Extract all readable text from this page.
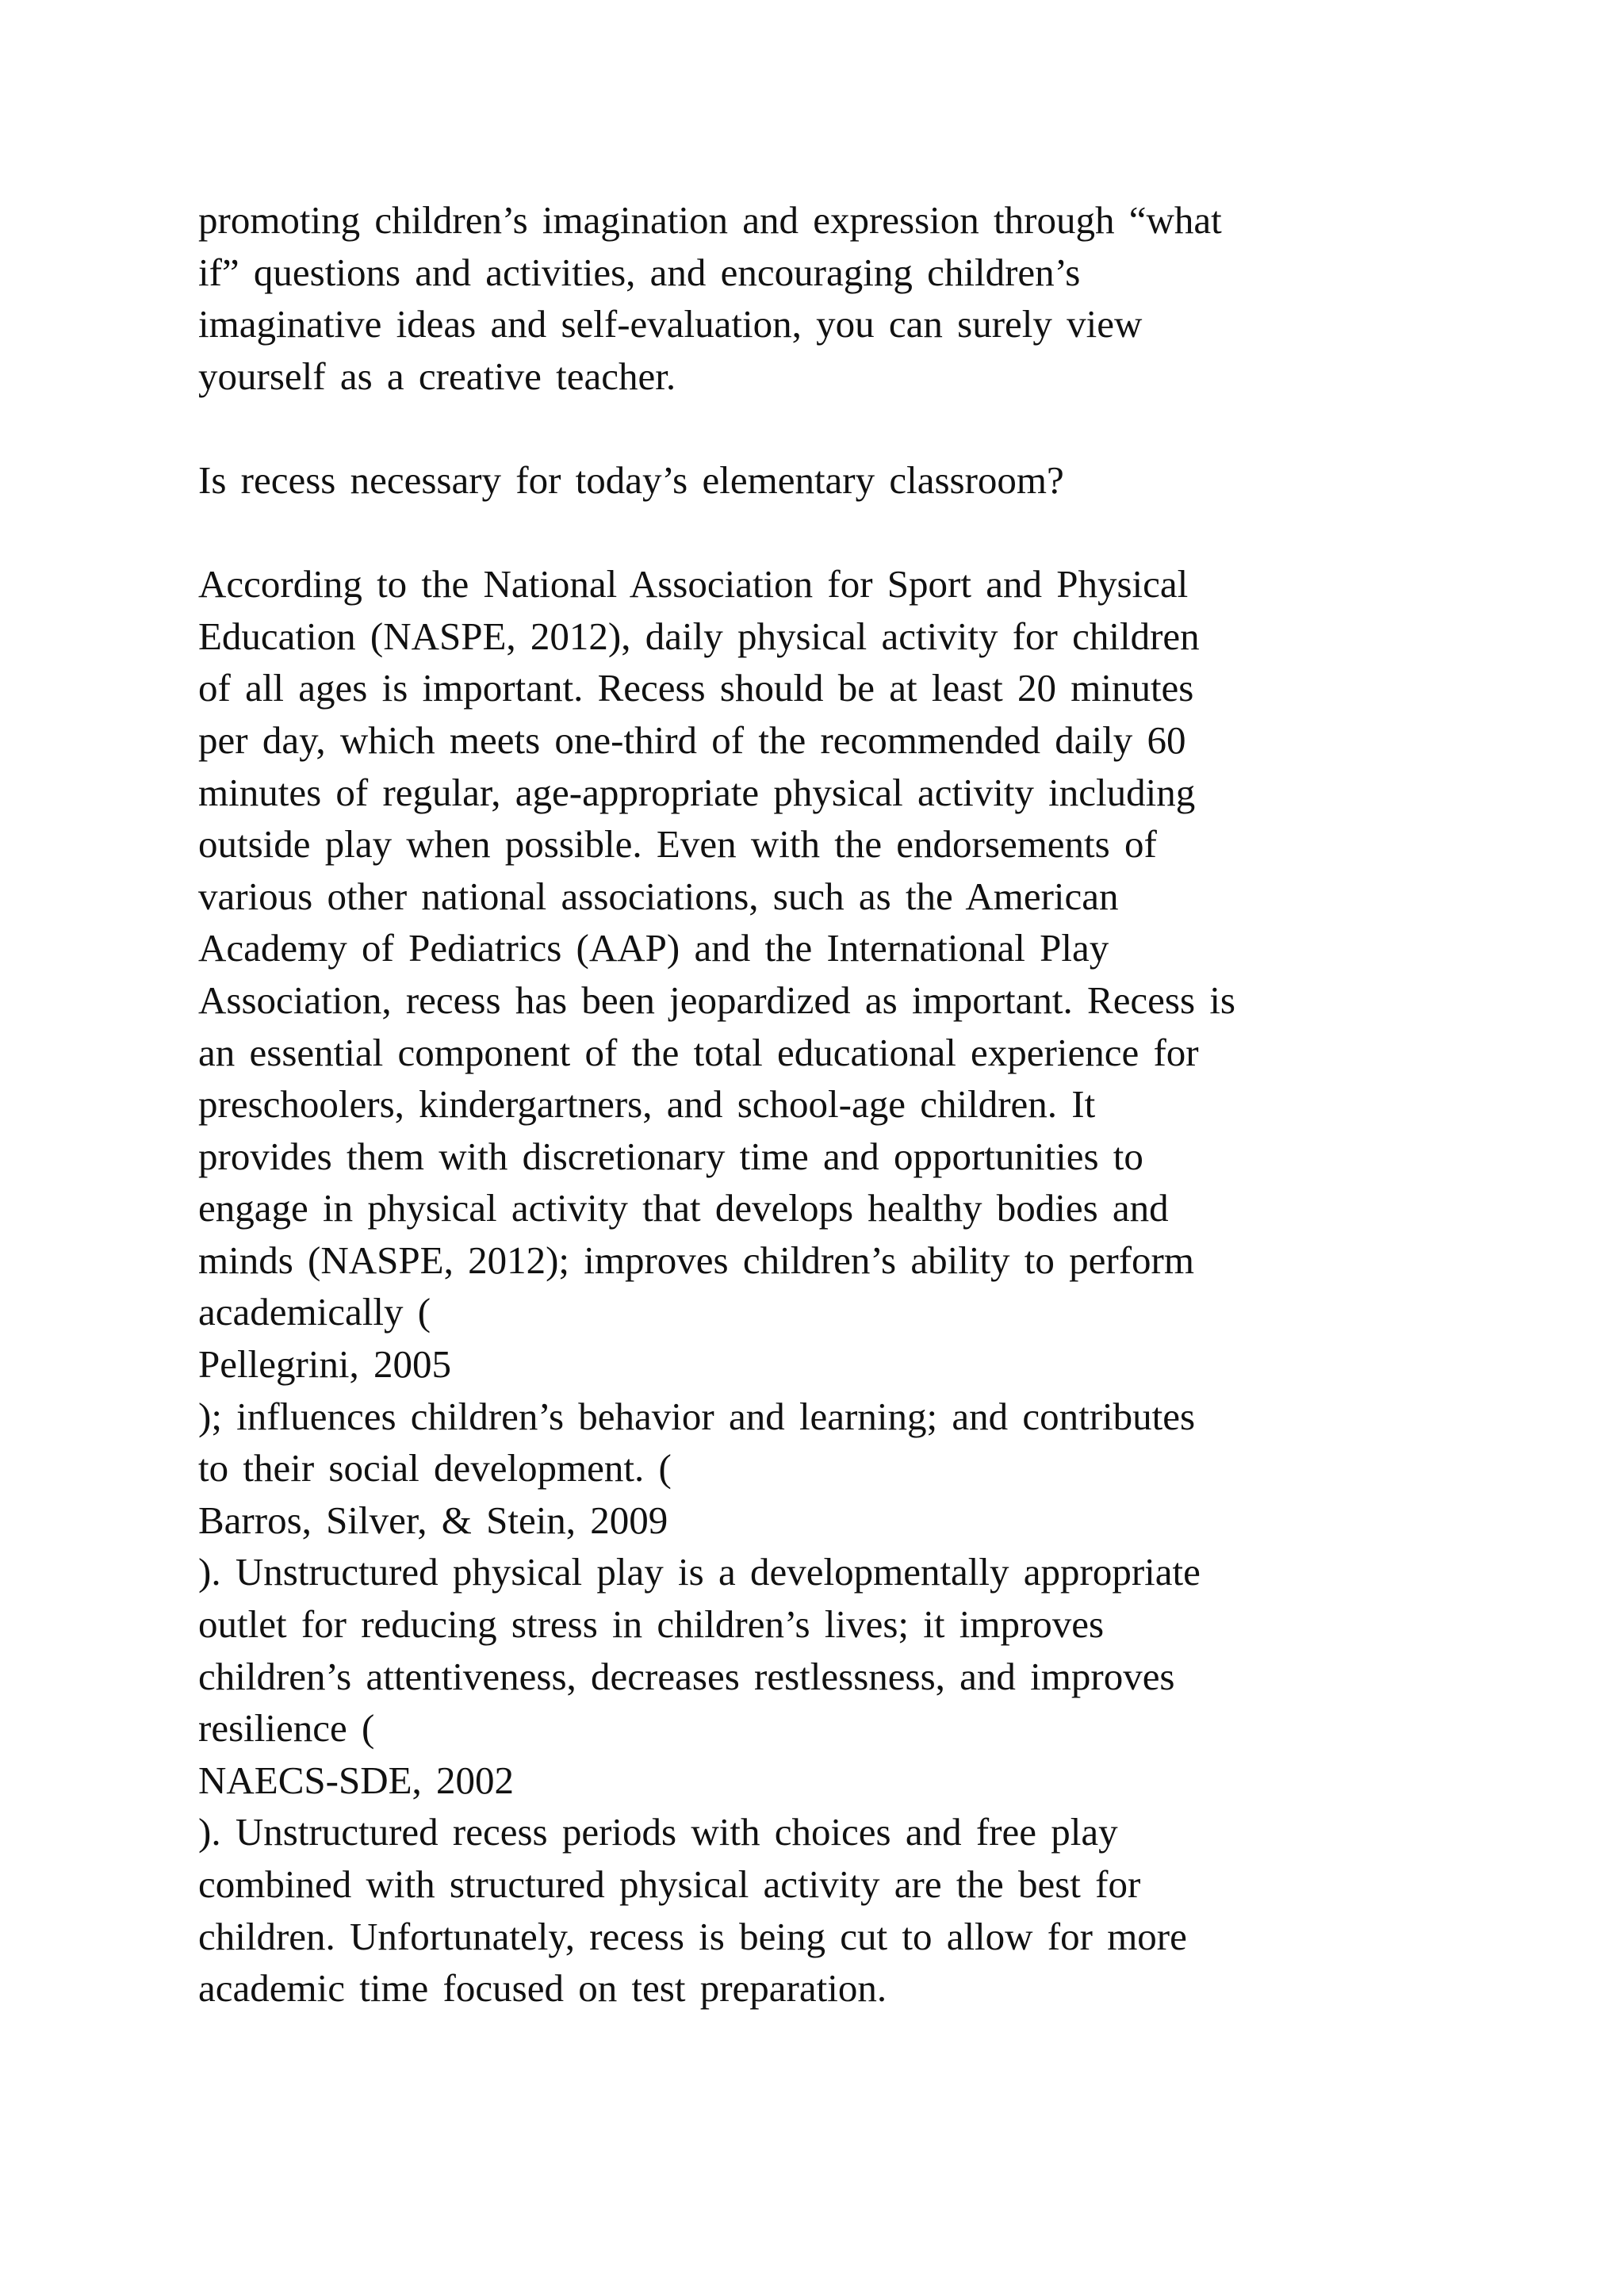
promoting children’s imagination and expression through “what
if” questions and activities, and encouraging children’s
imaginative ideas and self-evaluation, you can surely view
yourself as a creative teacher.
Is recess necessary for today’s elementary classroom?
According to the National Association for Sport and Physical
Education (NASPE, 2012), daily physical activity for children
of all ages is important. Recess should be at least 20 minutes
per day, which meets one-third of the recommended daily 60
minutes of regular, age-appropriate physical activity including
outside play when possible. Even with the endorsements of
various other national associations, such as the American
Academy of Pediatrics (AAP) and the International Play
Association, recess has been jeopardized as important. Recess is
an essential component of the total educational experience for
preschoolers, kindergartners, and school-age children. It
provides them with discretionary time and opportunities to
engage in physical activity that develops healthy bodies and
minds (NASPE, 2012); improves children’s ability to perform
academically (
Pellegrini, 2005
); influences children’s behavior and learning; and contributes
to their social development. (
Barros, Silver, & Stein, 2009
). Unstructured physical play is a developmentally appropriate
outlet for reducing stress in children’s lives; it improves
children’s attentiveness, decreases restlessness, and improves
resilience (
NAECS-SDE, 2002
). Unstructured recess periods with choices and free play
combined with structured physical activity are the best for
children. Unfortunately, recess is being cut to allow for more
academic time focused on test preparation.
